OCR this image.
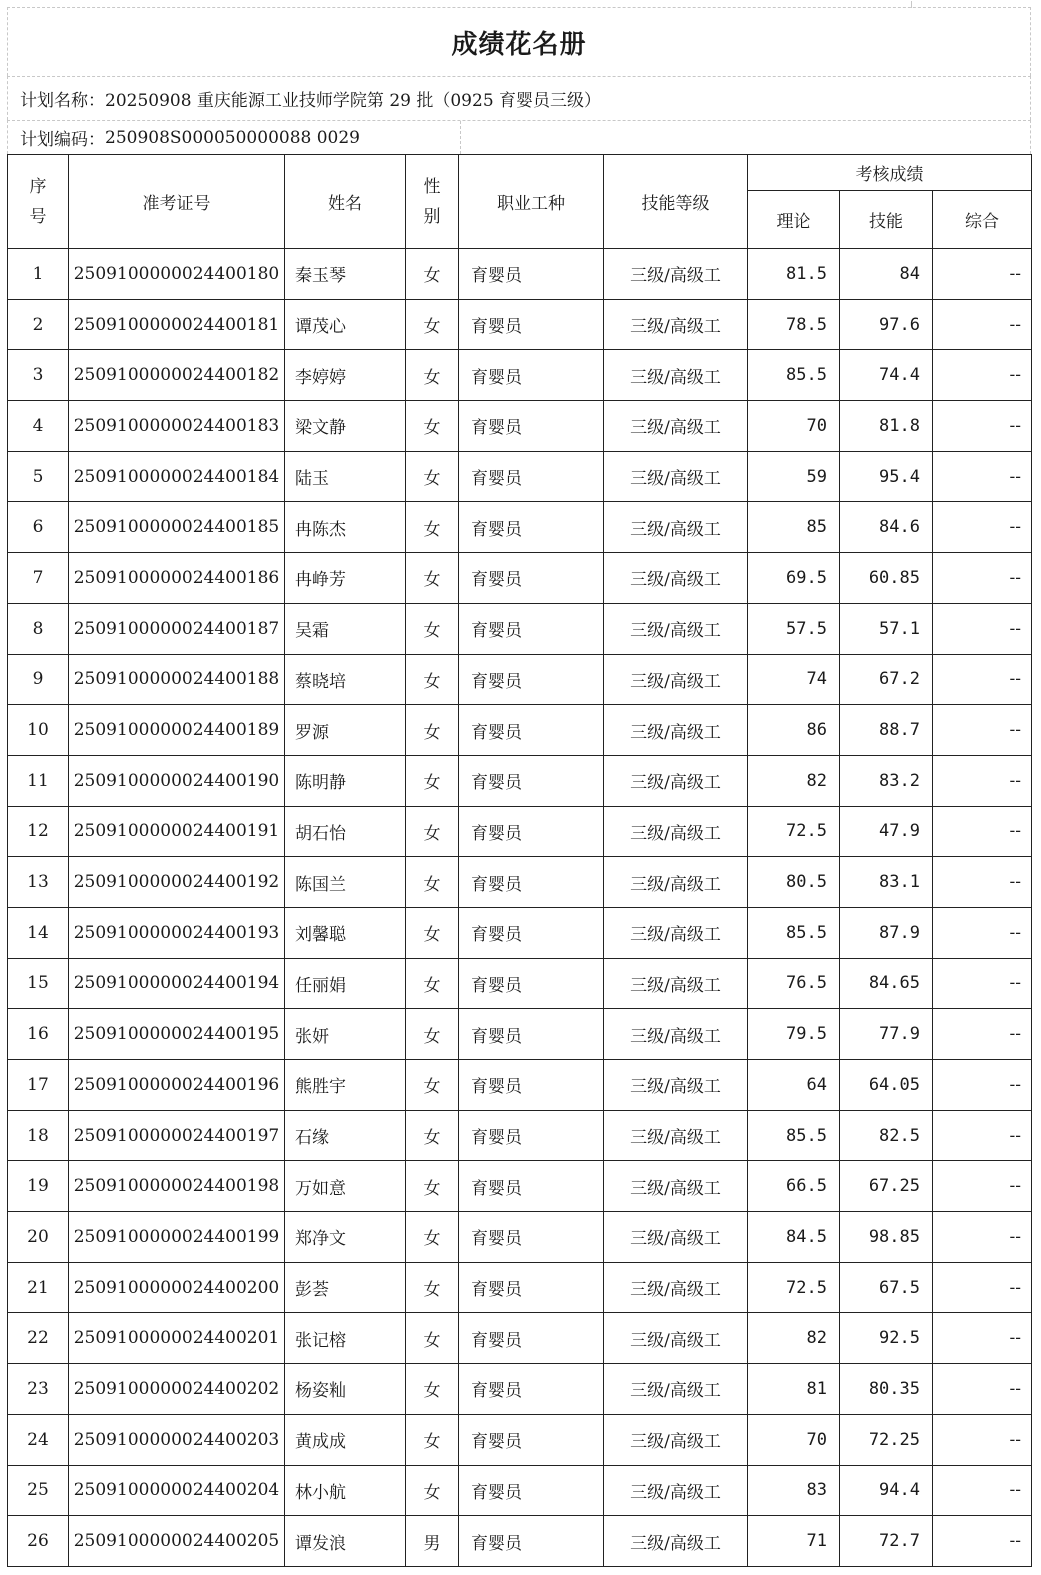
成绩花名册
计划名称： 20250908 重庆能源工业技师学院第 29 批（0925 育婴员三级）
计划编码： 250908S000050000088 0029
序
号	准考证号	姓名	性
别	职业工种	技能等级	考核成绩		
						理论	技能	综合
1	2509100000024400180	秦玉琴	女	育婴员	三级/高级工	81.5	84	--
2	2509100000024400181	谭茂心	女	育婴员	三级/高级工	78.5	97.6	--
3	2509100000024400182	李婷婷	女	育婴员	三级/高级工	85.5	74.4	--
4	2509100000024400183	梁文静	女	育婴员	三级/高级工	70	81.8	--
5	2509100000024400184	陆玉	女	育婴员	三级/高级工	59	95.4	--
6	2509100000024400185	冉陈杰	女	育婴员	三级/高级工	85	84.6	--
7	2509100000024400186	冉峥芳	女	育婴员	三级/高级工	69.5	60.85	--
8	2509100000024400187	吴霜	女	育婴员	三级/高级工	57.5	57.1	--
9	2509100000024400188	蔡晓培	女	育婴员	三级/高级工	74	67.2	--
10	2509100000024400189	罗源	女	育婴员	三级/高级工	86	88.7	--
11	2509100000024400190	陈明静	女	育婴员	三级/高级工	82	83.2	--
12	2509100000024400191	胡石怡	女	育婴员	三级/高级工	72.5	47.9	--
13	2509100000024400192	陈国兰	女	育婴员	三级/高级工	80.5	83.1	--
14	2509100000024400193	刘馨聪	女	育婴员	三级/高级工	85.5	87.9	--
15	2509100000024400194	任丽娟	女	育婴员	三级/高级工	76.5	84.65	--
16	2509100000024400195	张妍	女	育婴员	三级/高级工	79.5	77.9	--
17	2509100000024400196	熊胜宇	女	育婴员	三级/高级工	64	64.05	--
18	2509100000024400197	石缘	女	育婴员	三级/高级工	85.5	82.5	--
19	2509100000024400198	万如意	女	育婴员	三级/高级工	66.5	67.25	--
20	2509100000024400199	郑净文	女	育婴员	三级/高级工	84.5	98.85	--
21	2509100000024400200	彭荟	女	育婴员	三级/高级工	72.5	67.5	--
22	2509100000024400201	张记榕	女	育婴员	三级/高级工	82	92.5	--
23	2509100000024400202	杨姿籼	女	育婴员	三级/高级工	81	80.35	--
24	2509100000024400203	黄成成	女	育婴员	三级/高级工	70	72.25	--
25	2509100000024400204	林小航	女	育婴员	三级/高级工	83	94.4	--
26	2509100000024400205	谭发浪	男	育婴员	三级/高级工	71	72.7	--
